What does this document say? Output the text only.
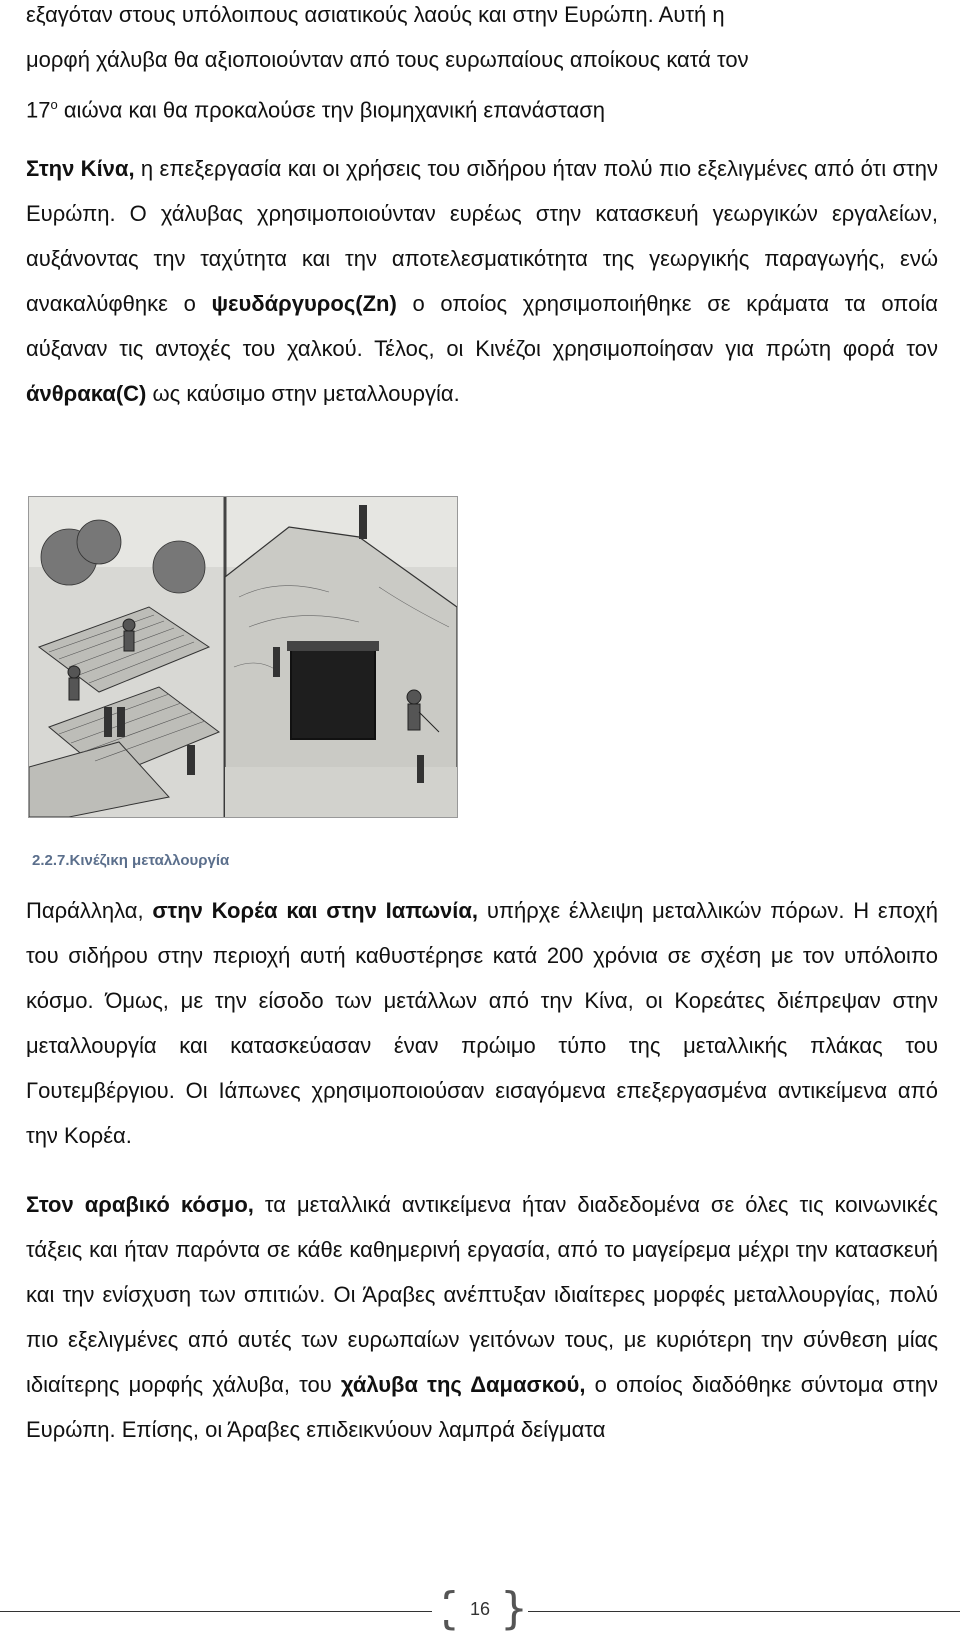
εξαγόταν στους υπόλοιπους ασιατικούς λαούς και στην Ευρώπη. Αυτή η
μορφή χάλυβα θα αξιοποιούνταν από τους ευρωπαίους αποίκους κατά τον
$17^o$ αιώνα και θα προκαλούσε την βιομηχανική επανάσταση

Στην Κίνα, η επεξεργασία και οι χρήσεις του σιδήρου ήταν πολύ πιο εξελιγμένες από ότι στην Ευρώπη. Ο χάλυβας χρησιμοποιούνταν ευρέως στην κατασκευή γεωργικών εργαλείων, αυξάνοντας την ταχύτητα και την αποτελεσματικότητα της γεωργικής παραγωγής, ενώ ανακαλύφθηκε ο ψευδάργυρος(Zn) ο οποίος χρησιμοποιήθηκε σε κράματα τα οποία αύξαναν τις αντοχές του χαλκού. Τέλος, οι Κινέζοι χρησιμοποίησαν για πρώτη φορά τον άνθρακα(C) ως καύσιμο στην μεταλλουργία.

2.2.7.Κινέζικη μεταλλουργία

Παράλληλα, στην Κορέα και στην Ιαπωνία, υπήρχε έλλειψη μεταλλικών πόρων. Η εποχή του σιδήρου στην περιοχή αυτή καθυστέρησε κατά 200 χρόνια σε σχέση με τον υπόλοιπο κόσμο. Όμως, με την είσοδο των μετάλλων από την Κίνα, οι Κορεάτες διέπρεψαν στην μεταλλουργία και κατασκεύασαν έναν πρώιμο τύπο της μεταλλικής πλάκας του Γουτεμβέργιου. Οι Ιάπωνες χρησιμοποιούσαν εισαγόμενα επεξεργασμένα αντικείμενα από την Κορέα.

Στον αραβικό κόσμο, τα μεταλλικά αντικείμενα ήταν διαδεδομένα σε όλες τις κοινωνικές τάξεις και ήταν παρόντα σε κάθε καθημερινή εργασία, από το μαγείρεμα μέχρι την κατασκευή και την ενίσχυση των σπιτιών. Οι Άραβες ανέπτυξαν ιδιαίτερες μορφές μεταλλουργίας, πολύ πιο εξελιγμένες από αυτές των ευρωπαίων γειτόνων τους, με κυριότερη την σύνθεση μίας ιδιαίτερης μορφής χάλυβα, του χάλυβα της Δαμασκού, ο οποίος διαδόθηκε σύντομα στην Ευρώπη. Επίσης, οι Άραβες επιδεικνύουν λαμπρά δείγματα

16 }
